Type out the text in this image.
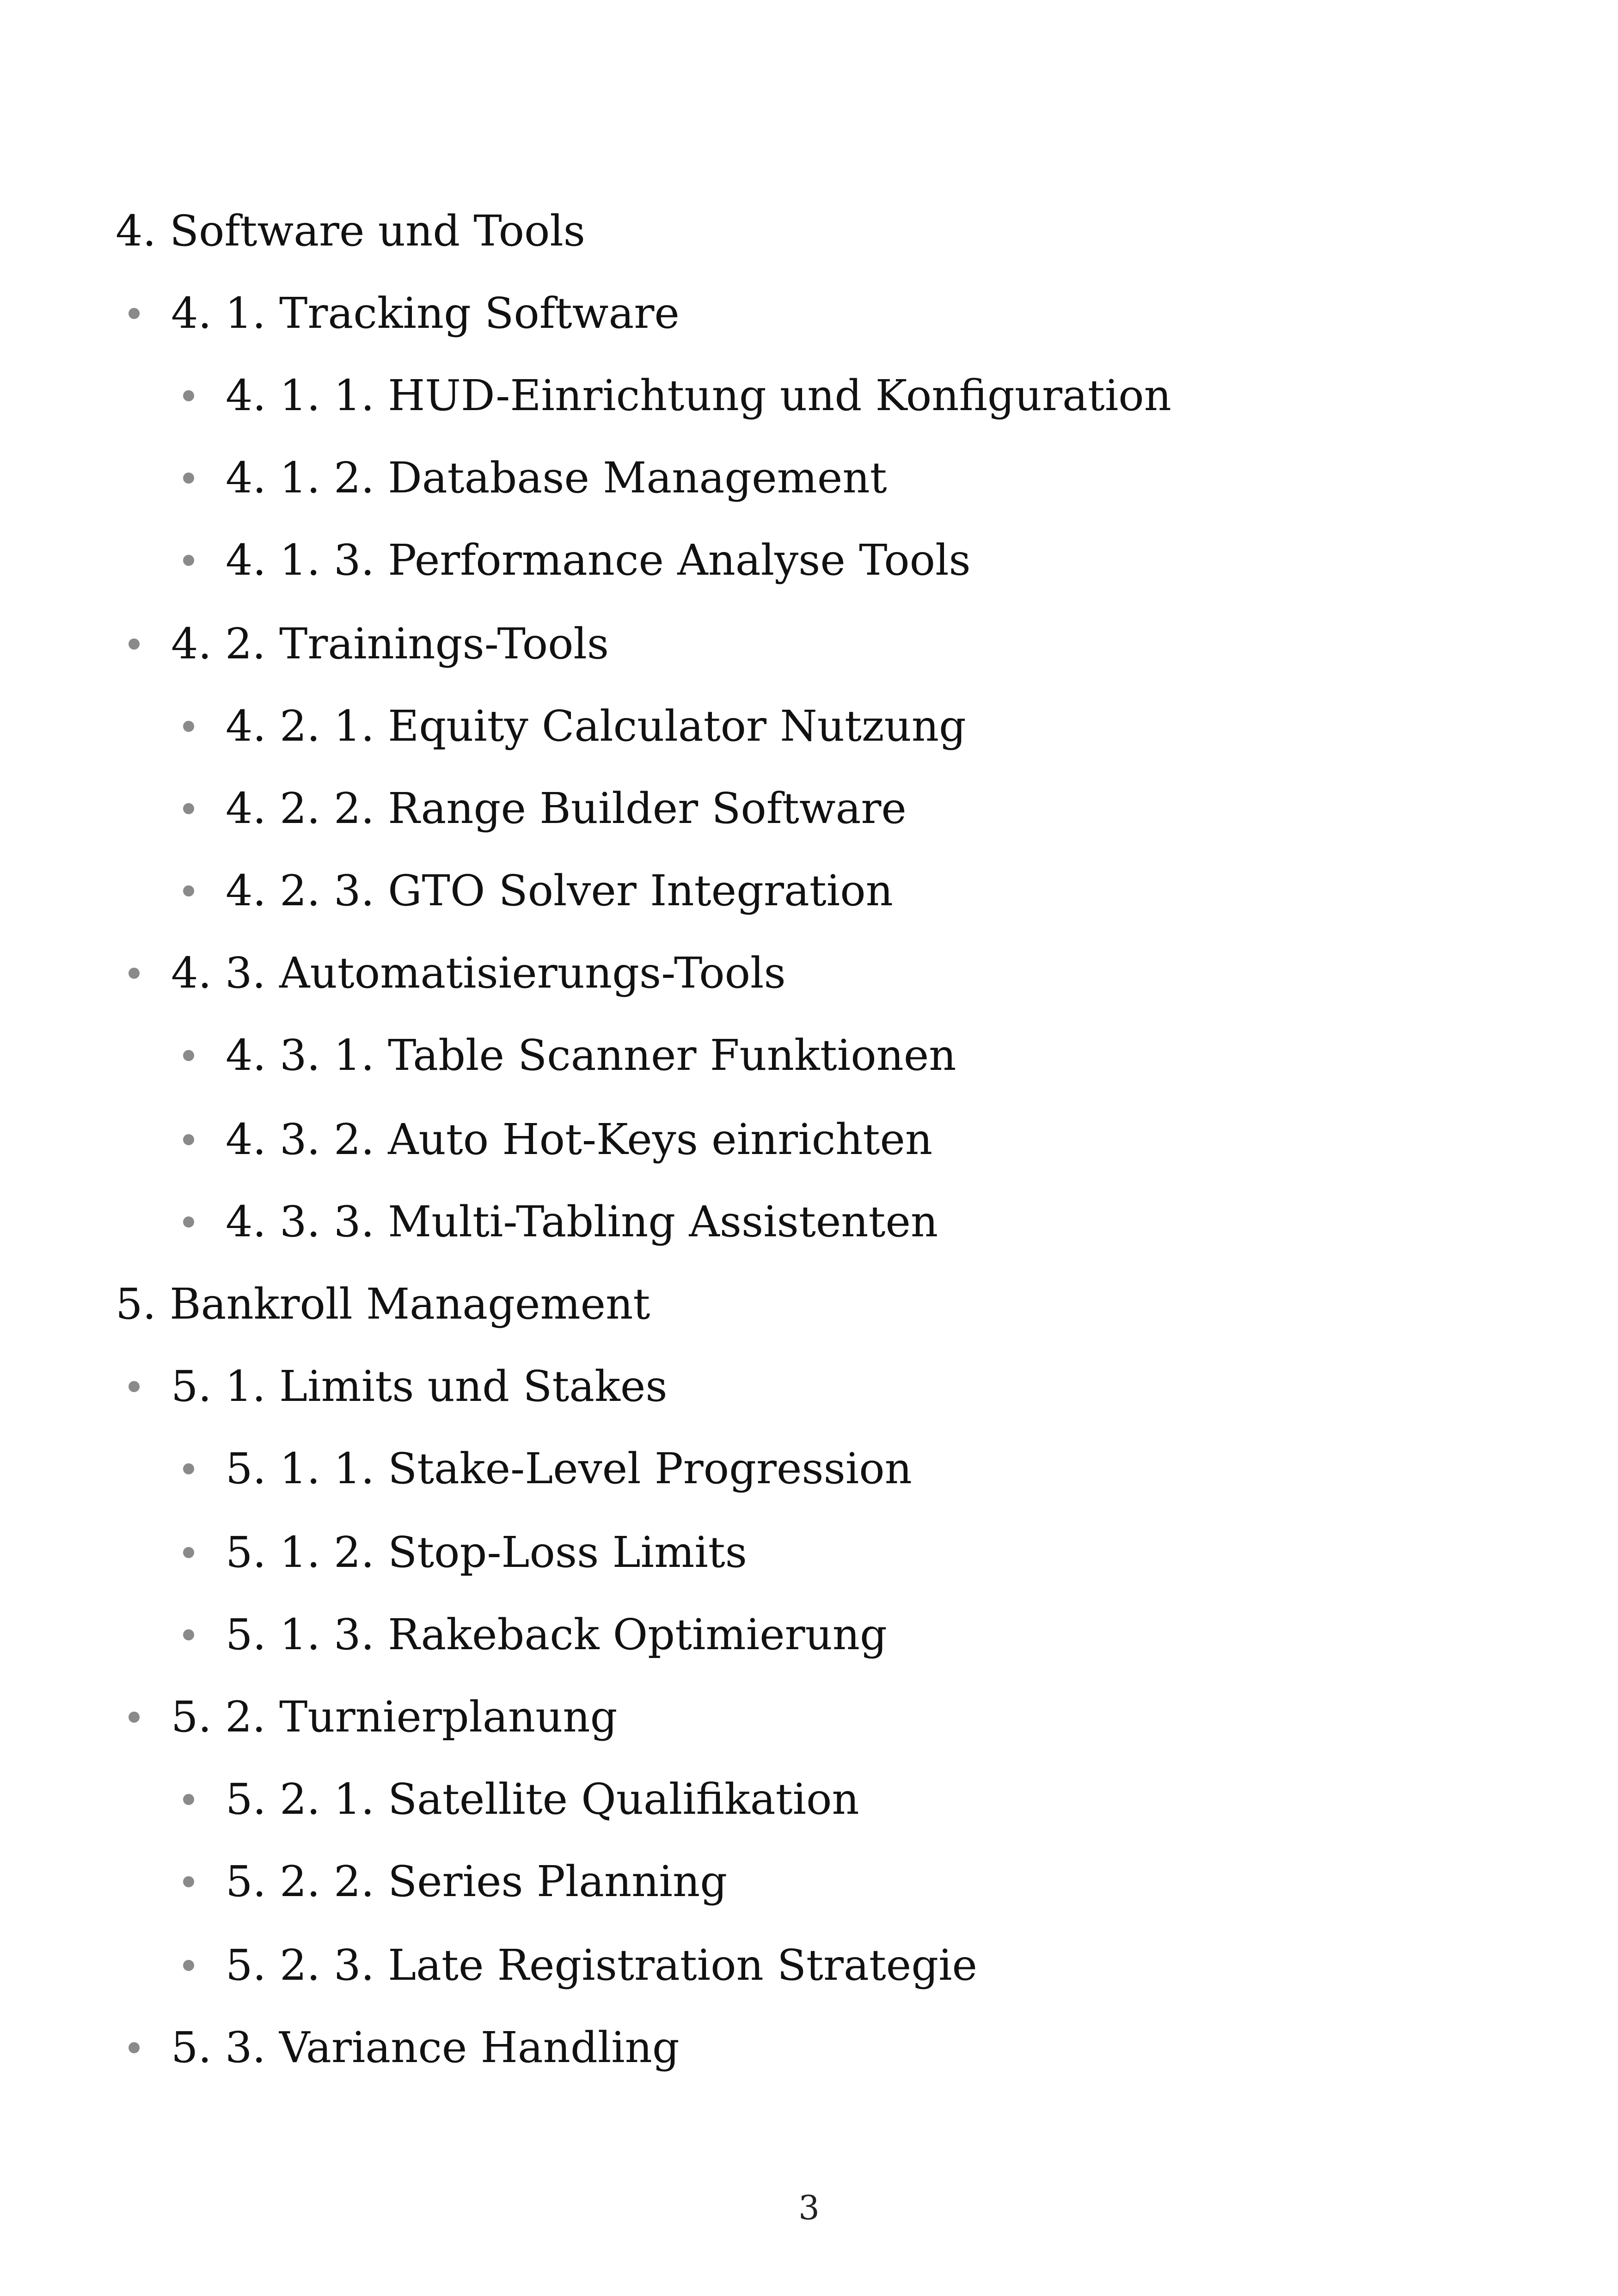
4. Software und Tools
4. 1. Tracking Software
4. 1. 1. HUD-Einrichtung und Konfiguration
4. 1. 2. Database Management
4. 1. 3. Performance Analyse Tools
4. 2. Trainings-Tools
4. 2. 1. Equity Calculator Nutzung
4. 2. 2. Range Builder Software
4. 2. 3. GTO Solver Integration
4. 3. Automatisierungs-Tools
4. 3. 1. Table Scanner Funktionen
4. 3. 2. Auto Hot-Keys einrichten
4. 3. 3. Multi-Tabling Assistenten
5. Bankroll Management
5. 1. Limits und Stakes
5. 1. 1. Stake-Level Progression
5. 1. 2. Stop-Loss Limits
5. 1. 3. Rakeback Optimierung
5. 2. Turnierplanung
5. 2. 1. Satellite Qualifikation
5. 2. 2. Series Planning
5. 2. 3. Late Registration Strategie
5. 3. Variance Handling
3
